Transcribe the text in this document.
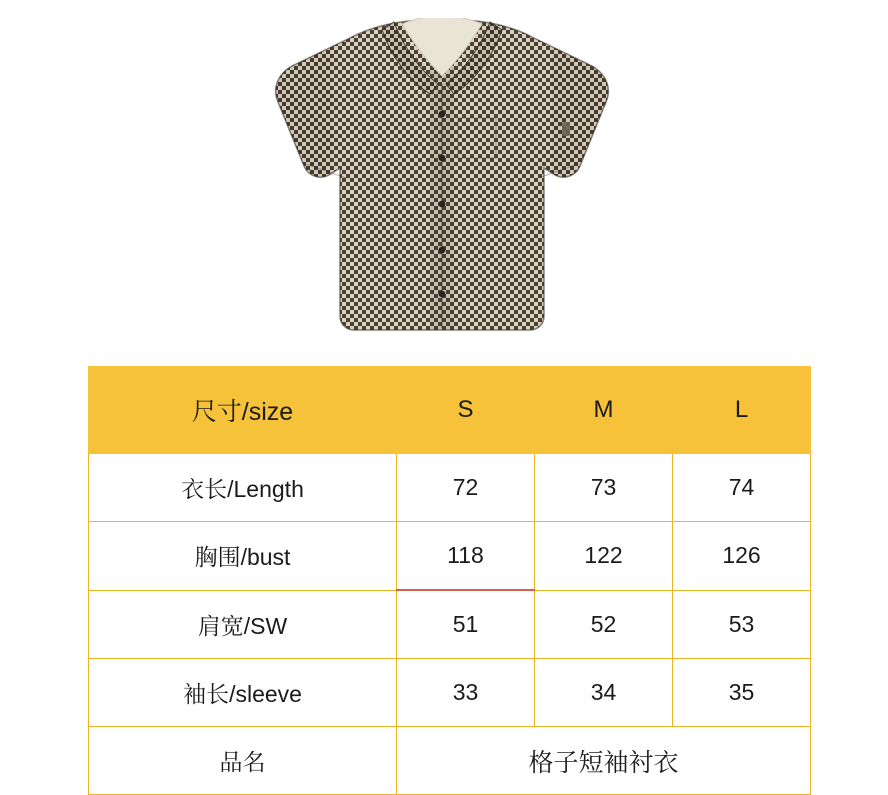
尺寸/size	S	M	L
衣长/Length	72	73	74
胸围/bust	118	122	126
肩宽/SW	51	52	53
袖长/sleeve	33	34	35
品名	格子短袖衬衣		
